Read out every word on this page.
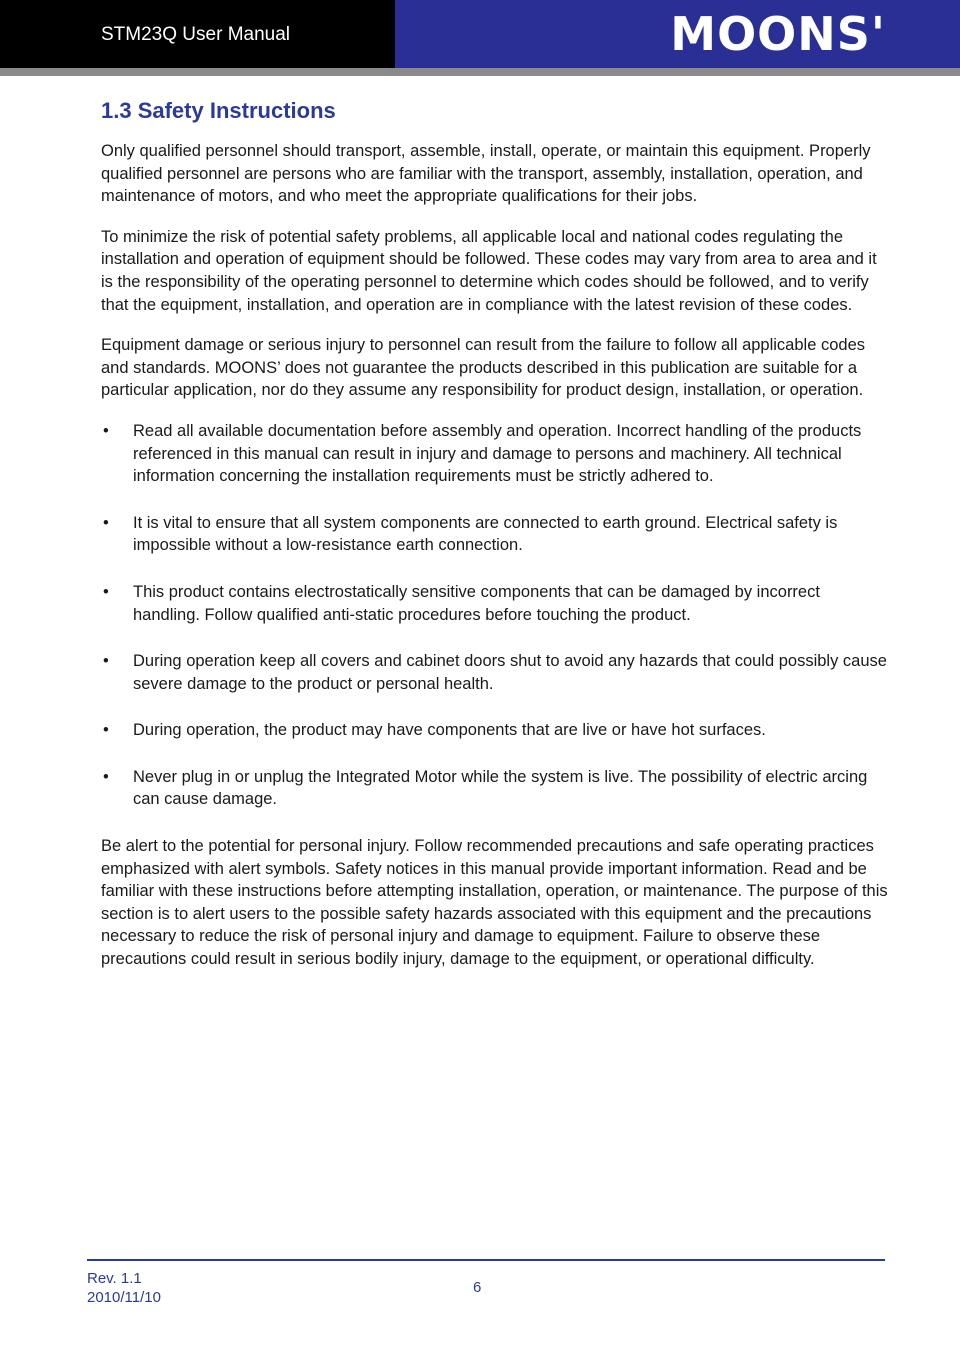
STM23Q User Manual	MOONS'
1.3 Safety Instructions

Only qualified personnel should transport, assemble, install, operate, or maintain this equipment. Properly qualified personnel are persons who are familiar with the transport, assembly, installation, operation, and maintenance of motors, and who meet the appropriate qualifications for their jobs.

To minimize the risk of potential safety problems, all applicable local and national codes regulating the installation and operation of equipment should be followed. These codes may vary from area to area and it is the responsibility of the operating personnel to determine which codes should be followed, and to verify that the equipment, installation, and operation are in compliance with the latest revision of these codes.

Equipment damage or serious injury to personnel can result from the failure to follow all applicable codes and standards. MOONS’ does not guarantee the products described in this publication are suitable for a particular application, nor do they assume any responsibility for product design, installation, or operation.

• Read all available documentation before assembly and operation. Incorrect handling of the products referenced in this manual can result in injury and damage to persons and machinery. All technical information concerning the installation requirements must be strictly adhered to.
• It is vital to ensure that all system components are connected to earth ground. Electrical safety is impossible without a low-resistance earth connection.
• This product contains electrostatically sensitive components that can be damaged by incorrect handling. Follow qualified anti-static procedures before touching the product.
• During operation keep all covers and cabinet doors shut to avoid any hazards that could possibly cause severe damage to the product or personal health.
• During operation, the product may have components that are live or have hot surfaces.
• Never plug in or unplug the Integrated Motor while the system is live. The possibility of electric arcing can cause damage.

Be alert to the potential for personal injury. Follow recommended precautions and safe operating practices emphasized with alert symbols. Safety notices in this manual provide important information. Read and be familiar with these instructions before attempting installation, operation, or maintenance. The purpose of this section is to alert users to the possible safety hazards associated with this equipment and the precautions necessary to reduce the risk of personal injury and damage to equipment. Failure to observe these precautions could result in serious bodily injury, damage to the equipment, or operational difficulty.

Rev. 1.1
2010/11/10
6
